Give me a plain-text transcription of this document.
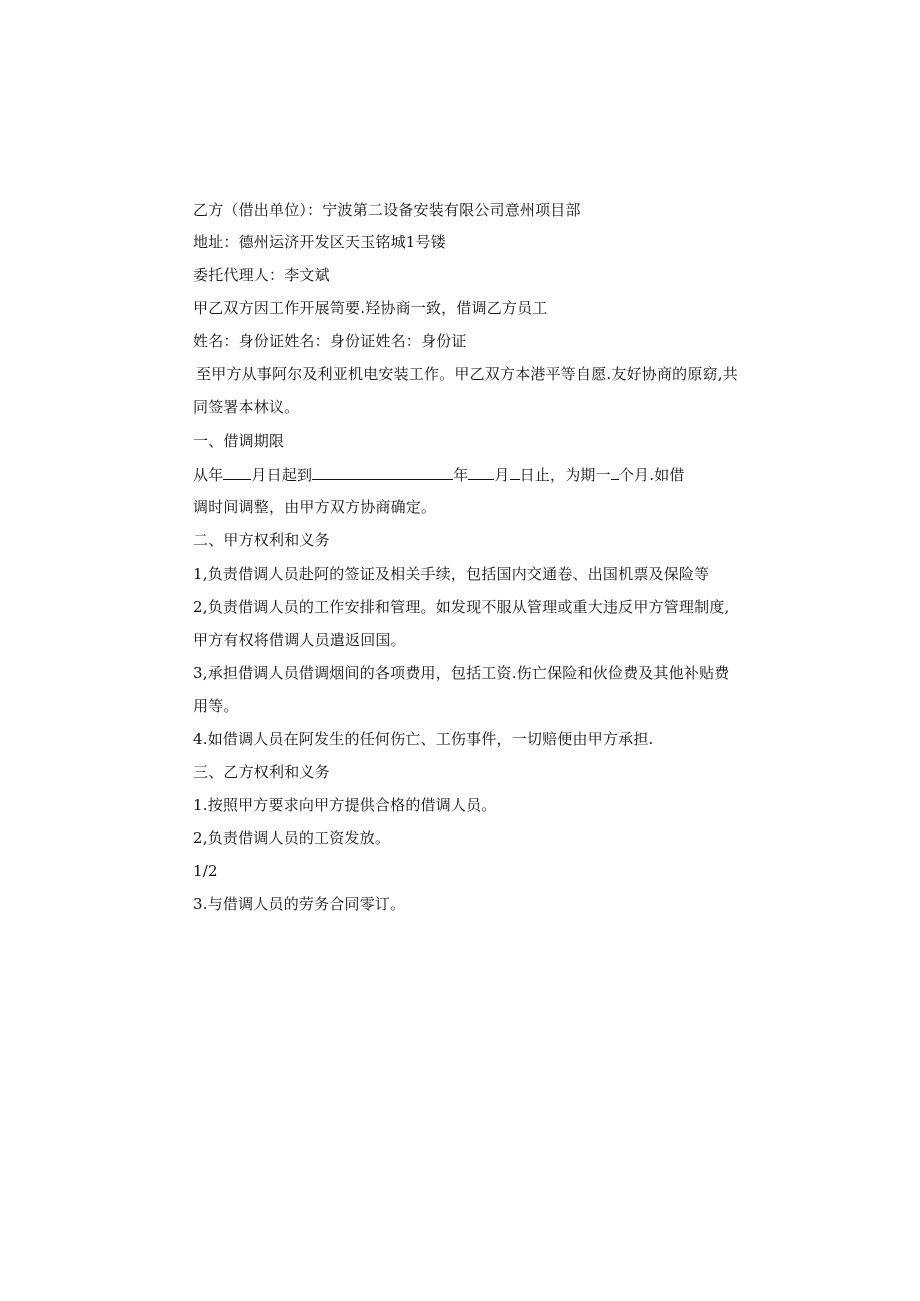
乙方（借出单位）：宁波第二设备安装有限公司意州项目部
地址：德州运济开发区天玉铭城1号镂
委托代理人：李文斌
甲乙双方因工作开展笥要.羟协商一致，借调乙方员工
姓名：身份证姓名：身份证姓名：身份证
至甲方从事阿尔及利亚机电安装工作。甲乙双方本港平等自愿.友好协商的原窈,共
同签署本林议。
一、借调期限
从年 月日起到	年 月 日止，为期一 个月.如借
调时间调整，由甲方双方协商确定。
二、甲方权利和义务
1,负责借调人员赴阿的签证及相关手续，包括国内交通卷、出国机票及保险等
2,负责借调人员的工作安排和管理。如发现不服从管理或重大违反甲方管理制度,
甲方有权将借调人员遣返回国。
3,承担借调人员借调烟间的各项费用，包括工资.伤亡保险和伙俭费及其他补贴费
用等。
4.如借调人员在阿发生的任何伤亡、工伤事件，一切赔便由甲方承担.
三、乙方权利和义务
1.按照甲方要求向甲方提供合格的借调人员。
2,负责借调人员的工资发放。
1/2
3.与借调人员的劳务合同零订。
